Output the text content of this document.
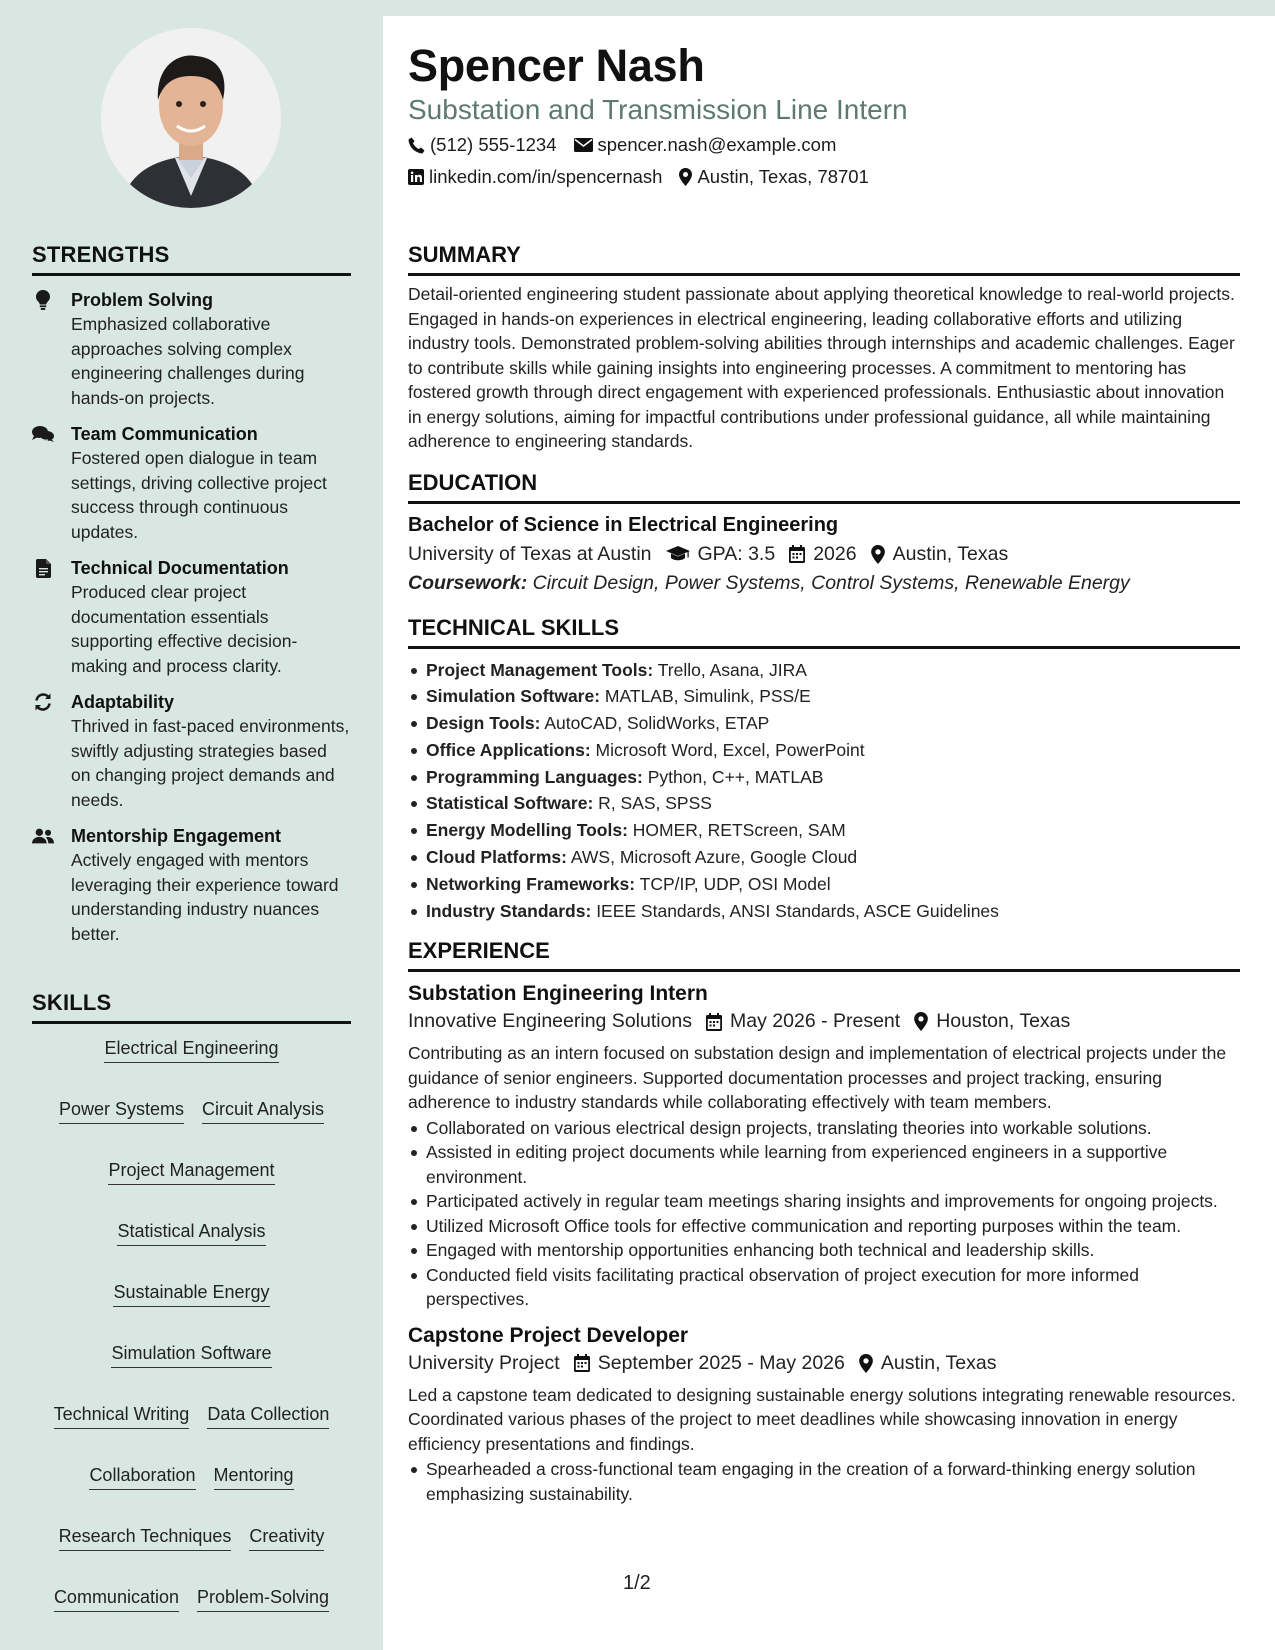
STRENGTHS
Problem Solving
Emphasized collaborative approaches solving complex engineering challenges during hands-on projects.
Team Communication
Fostered open dialogue in team settings, driving collective project success through continuous updates.
Technical Documentation
Produced clear project documentation essentials supporting effective decision-making and process clarity.
Adaptability
Thrived in fast-paced environments, swiftly adjusting strategies based on changing project demands and needs.
Mentorship Engagement
Actively engaged with mentors leveraging their experience toward understanding industry nuances better.
SKILLS
Electrical Engineering
Power Systems Circuit Analysis
Project Management
Statistical Analysis
Sustainable Energy
Simulation Software
Technical Writing Data Collection
Collaboration Mentoring
Research Techniques Creativity
Communication Problem-Solving
Spencer Nash
Substation and Transmission Line Intern
(512) 555-1234 spencer.nash@example.com
linkedin.com/in/spencernash Austin, Texas, 78701
SUMMARY
Detail-oriented engineering student passionate about applying theoretical knowledge to real-world projects. Engaged in hands-on experiences in electrical engineering, leading collaborative efforts and utilizing industry tools. Demonstrated problem-solving abilities through internships and academic challenges. Eager to contribute skills while gaining insights into engineering processes. A commitment to mentoring has fostered growth through direct engagement with experienced professionals. Enthusiastic about innovation in energy solutions, aiming for impactful contributions under professional guidance, all while maintaining adherence to engineering standards.
EDUCATION
Bachelor of Science in Electrical Engineering
University of Texas at Austin GPA: 3.5 2026 Austin, Texas
Coursework: Circuit Design, Power Systems, Control Systems, Renewable Energy
TECHNICAL SKILLS
Project Management Tools: Trello, Asana, JIRA
Simulation Software: MATLAB, Simulink, PSS/E
Design Tools: AutoCAD, SolidWorks, ETAP
Office Applications: Microsoft Word, Excel, PowerPoint
Programming Languages: Python, C++, MATLAB
Statistical Software: R, SAS, SPSS
Energy Modelling Tools: HOMER, RETScreen, SAM
Cloud Platforms: AWS, Microsoft Azure, Google Cloud
Networking Frameworks: TCP/IP, UDP, OSI Model
Industry Standards: IEEE Standards, ANSI Standards, ASCE Guidelines
EXPERIENCE
Substation Engineering Intern
Innovative Engineering Solutions May 2026 - Present Houston, Texas
Contributing as an intern focused on substation design and implementation of electrical projects under the guidance of senior engineers. Supported documentation processes and project tracking, ensuring adherence to industry standards while collaborating effectively with team members.
Collaborated on various electrical design projects, translating theories into workable solutions.
Assisted in editing project documents while learning from experienced engineers in a supportive environment.
Participated actively in regular team meetings sharing insights and improvements for ongoing projects.
Utilized Microsoft Office tools for effective communication and reporting purposes within the team.
Engaged with mentorship opportunities enhancing both technical and leadership skills.
Conducted field visits facilitating practical observation of project execution for more informed perspectives.
Capstone Project Developer
University Project September 2025 - May 2026 Austin, Texas
Led a capstone team dedicated to designing sustainable energy solutions integrating renewable resources. Coordinated various phases of the project to meet deadlines while showcasing innovation in energy efficiency presentations and findings.
Spearheaded a cross-functional team engaging in the creation of a forward-thinking energy solution emphasizing sustainability.
1/2
